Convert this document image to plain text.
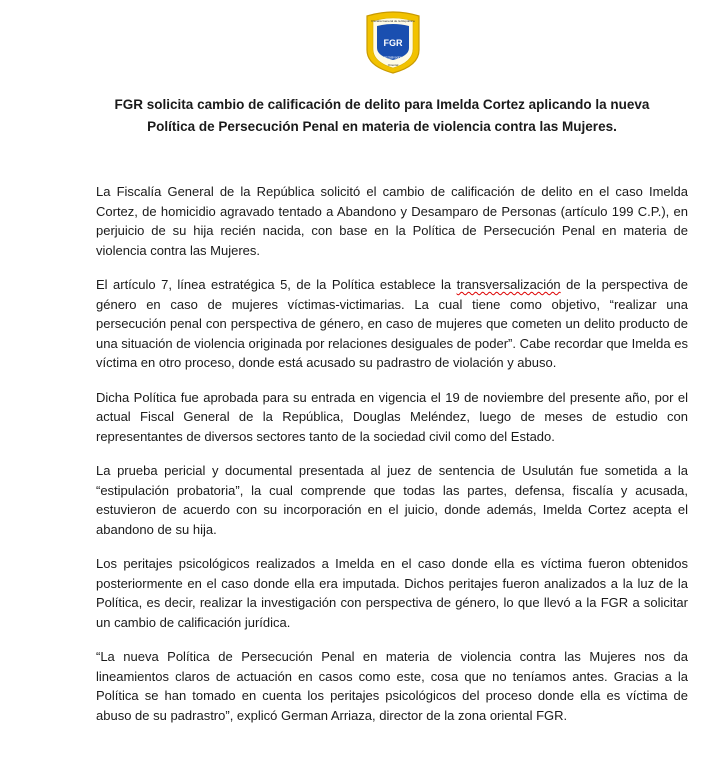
Fiscalía General de la República
FGR
El Salvador
Oriental
FGR solicita cambio de calificación de delito para Imelda Cortez aplicando la nueva Política de Persecución Penal en materia de violencia contra las Mujeres.

La Fiscalía General de la República solicitó el cambio de calificación de delito en el caso Imelda Cortez, de homicidio agravado tentado a Abandono y Desamparo de Personas (artículo 199 C.P.), en perjuicio de su hija recién nacida, con base en la Política de Persecución Penal en materia de violencia contra las Mujeres.

El artículo 7, línea estratégica 5, de la Política establece la transversalización de la perspectiva de género en caso de mujeres víctimas-victimarias. La cual tiene como objetivo, “realizar una persecución penal con perspectiva de género, en caso de mujeres que cometen un delito producto de una situación de violencia originada por relaciones desiguales de poder”. Cabe recordar que Imelda es víctima en otro proceso, donde está acusado su padrastro de violación y abuso.

Dicha Política fue aprobada para su entrada en vigencia el 19 de noviembre del presente año, por el actual Fiscal General de la República, Douglas Meléndez, luego de meses de estudio con representantes de diversos sectores tanto de la sociedad civil como del Estado.

La prueba pericial y documental presentada al juez de sentencia de Usulután fue sometida a la “estipulación probatoria”, la cual comprende que todas las partes, defensa, fiscalía y acusada, estuvieron de acuerdo con su incorporación en el juicio, donde además, Imelda Cortez acepta el abandono de su hija.

Los peritajes psicológicos realizados a Imelda en el caso donde ella es víctima fueron obtenidos posteriormente en el caso donde ella era imputada. Dichos peritajes fueron analizados a la luz de la Política, es decir, realizar la investigación con perspectiva de género, lo que llevó a la FGR a solicitar un cambio de calificación jurídica.

“La nueva Política de Persecución Penal en materia de violencia contra las Mujeres nos da lineamientos claros de actuación en casos como este, cosa que no teníamos antes. Gracias a la Política se han tomado en cuenta los peritajes psicológicos del proceso donde ella es víctima de abuso de su padrastro”, explicó German Arriaza, director de la zona oriental FGR.
